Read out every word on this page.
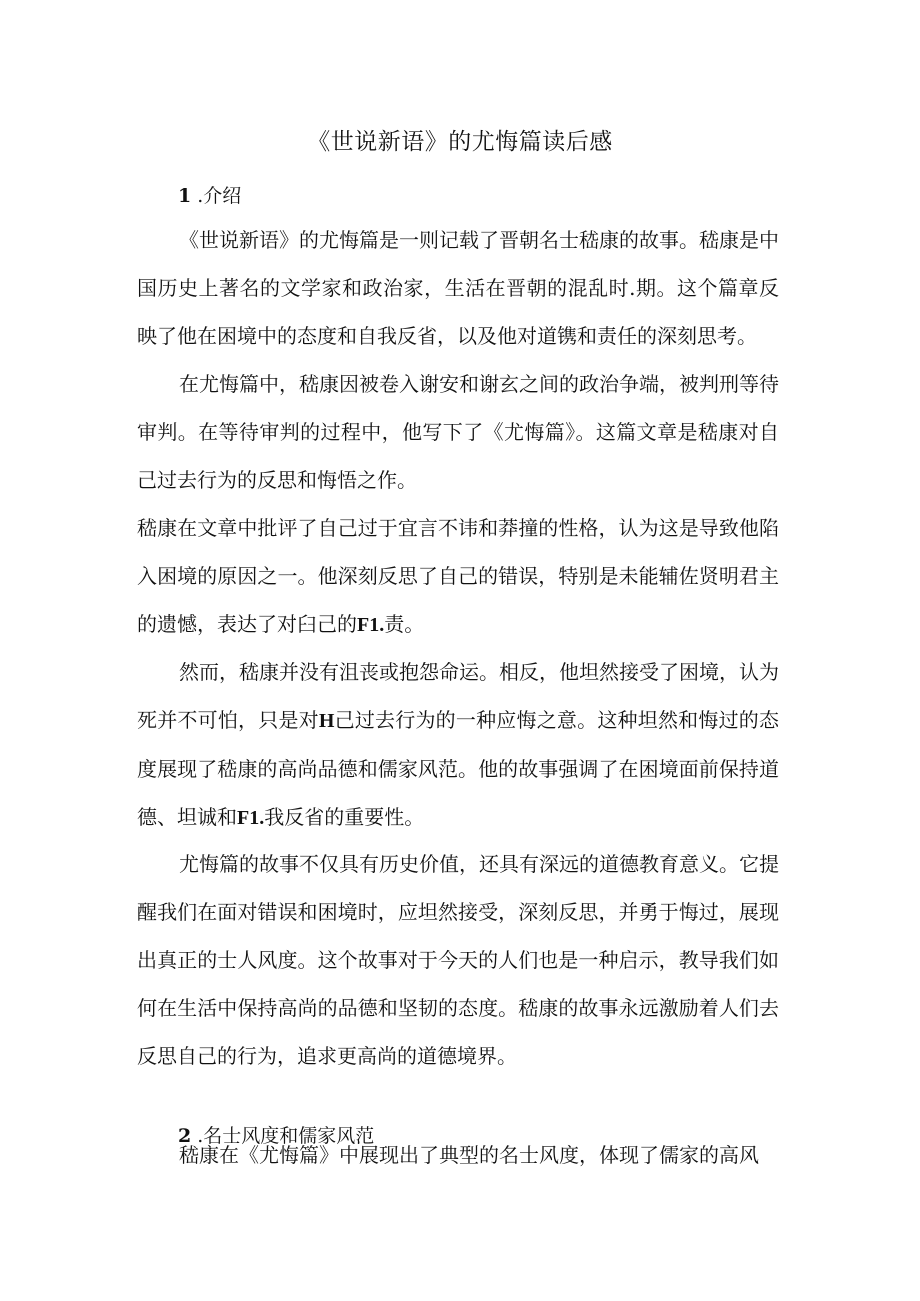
《世说新语》的尤悔篇读后感
1 .介绍

《世说新语》的尤悔篇是一则记载了晋朝名士嵇康的故事。嵇康是中国历史上著名的文学家和政治家，生活在晋朝的混乱时.期。这个篇章反映了他在困境中的态度和自我反省，以及他对道镌和责任的深刻思考。

在尤悔篇中，嵇康因被卷入谢安和谢玄之间的政治争端，被判刑等待审判。在等待审判的过程中，他写下了《尤悔篇》。这篇文章是嵇康对自己过去行为的反思和悔悟之作。

嵇康在文章中批评了自己过于宜言不讳和莽撞的性格，认为这是导致他陷入困境的原因之一。他深刻反思了自己的错误，特别是未能辅佐贤明君主的遗憾，表达了对臼己的F1.责。

然而，嵇康并没有沮丧或抱怨命运。相反，他坦然接受了困境，认为死并不可怕，只是对H己过去行为的一种应悔之意。这种坦然和悔过的态度展现了嵇康的高尚品德和儒家风范。他的故事强调了在困境面前保持道德、坦诚和F1.我反省的重要性。

尤悔篇的故事不仅具有历史价值，还具有深远的道德教育意义。它提醒我们在面对错误和困境时，应坦然接受，深刻反思，并勇于悔过，展现出真正的士人风度。这个故事对于今天的人们也是一种启示，教导我们如何在生活中保持高尚的品德和坚韧的态度。嵇康的故事永远激励着人们去反思自己的行为，追求更高尚的道德境界。

2 .名士风度和儒家风范

嵇康在《尤悔篇》中展现出了典型的名士风度，体现了儒家的高风
